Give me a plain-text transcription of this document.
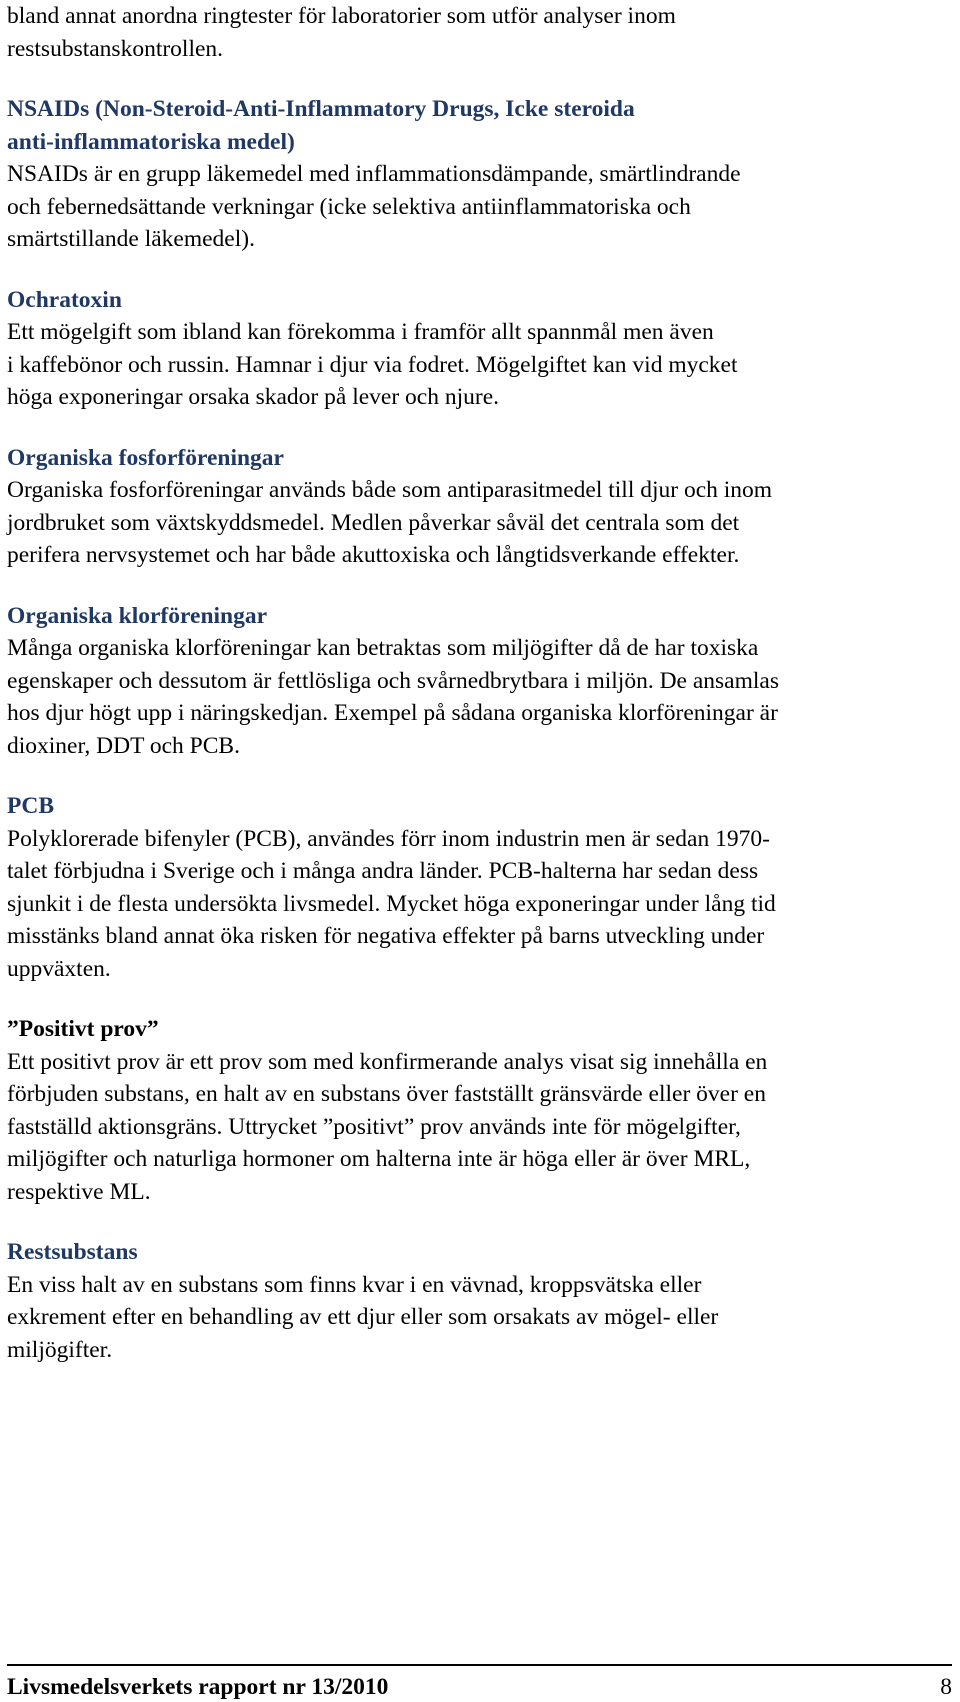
bland annat anordna ringtester för laboratorier som utför analyser inom
restsubstanskontrollen.
NSAIDs (Non-Steroid-Anti-Inflammatory Drugs, Icke steroida
anti-inflammatoriska medel)
NSAIDs är en grupp läkemedel med inflammationsdämpande, smärtlindrande
och febernedsättande verkningar (icke selektiva antiinflammatoriska och
smärtstillande läkemedel).
Ochratoxin
Ett mögelgift som ibland kan förekomma i framför allt spannmål men även
i kaffebönor och russin. Hamnar i djur via fodret. Mögelgiftet kan vid mycket
höga exponeringar orsaka skador på lever och njure.
Organiska fosforföreningar
Organiska fosforföreningar används både som antiparasitmedel till djur och inom
jordbruket som växtskyddsmedel. Medlen påverkar såväl det centrala som det
perifera nervsystemet och har både akuttoxiska och långtidsverkande effekter.
Organiska klorföreningar
Många organiska klorföreningar kan betraktas som miljögifter då de har toxiska
egenskaper och dessutom är fettlösliga och svårnedbrytbara i miljön. De ansamlas
hos djur högt upp i näringskedjan. Exempel på sådana organiska klorföreningar är
dioxiner, DDT och PCB.
PCB
Polyklorerade bifenyler (PCB), användes förr inom industrin men är sedan 1970-
talet förbjudna i Sverige och i många andra länder. PCB-halterna har sedan dess
sjunkit i de flesta undersökta livsmedel. Mycket höga exponeringar under lång tid
misstänks bland annat öka risken för negativa effekter på barns utveckling under
uppväxten.
”Positivt prov”
Ett positivt prov är ett prov som med konfirmerande analys visat sig innehålla en
förbjuden substans, en halt av en substans över fastställt gränsvärde eller över en
fastställd aktionsgräns. Uttrycket ”positivt” prov används inte för mögelgifter,
miljögifter och naturliga hormoner om halterna inte är höga eller är över MRL,
respektive ML.
Restsubstans
En viss halt av en substans som finns kvar i en vävnad, kroppsvätska eller
exkrement efter en behandling av ett djur eller som orsakats av mögel- eller
miljögifter.
Livsmedelsverkets rapport nr 13/2010	8
